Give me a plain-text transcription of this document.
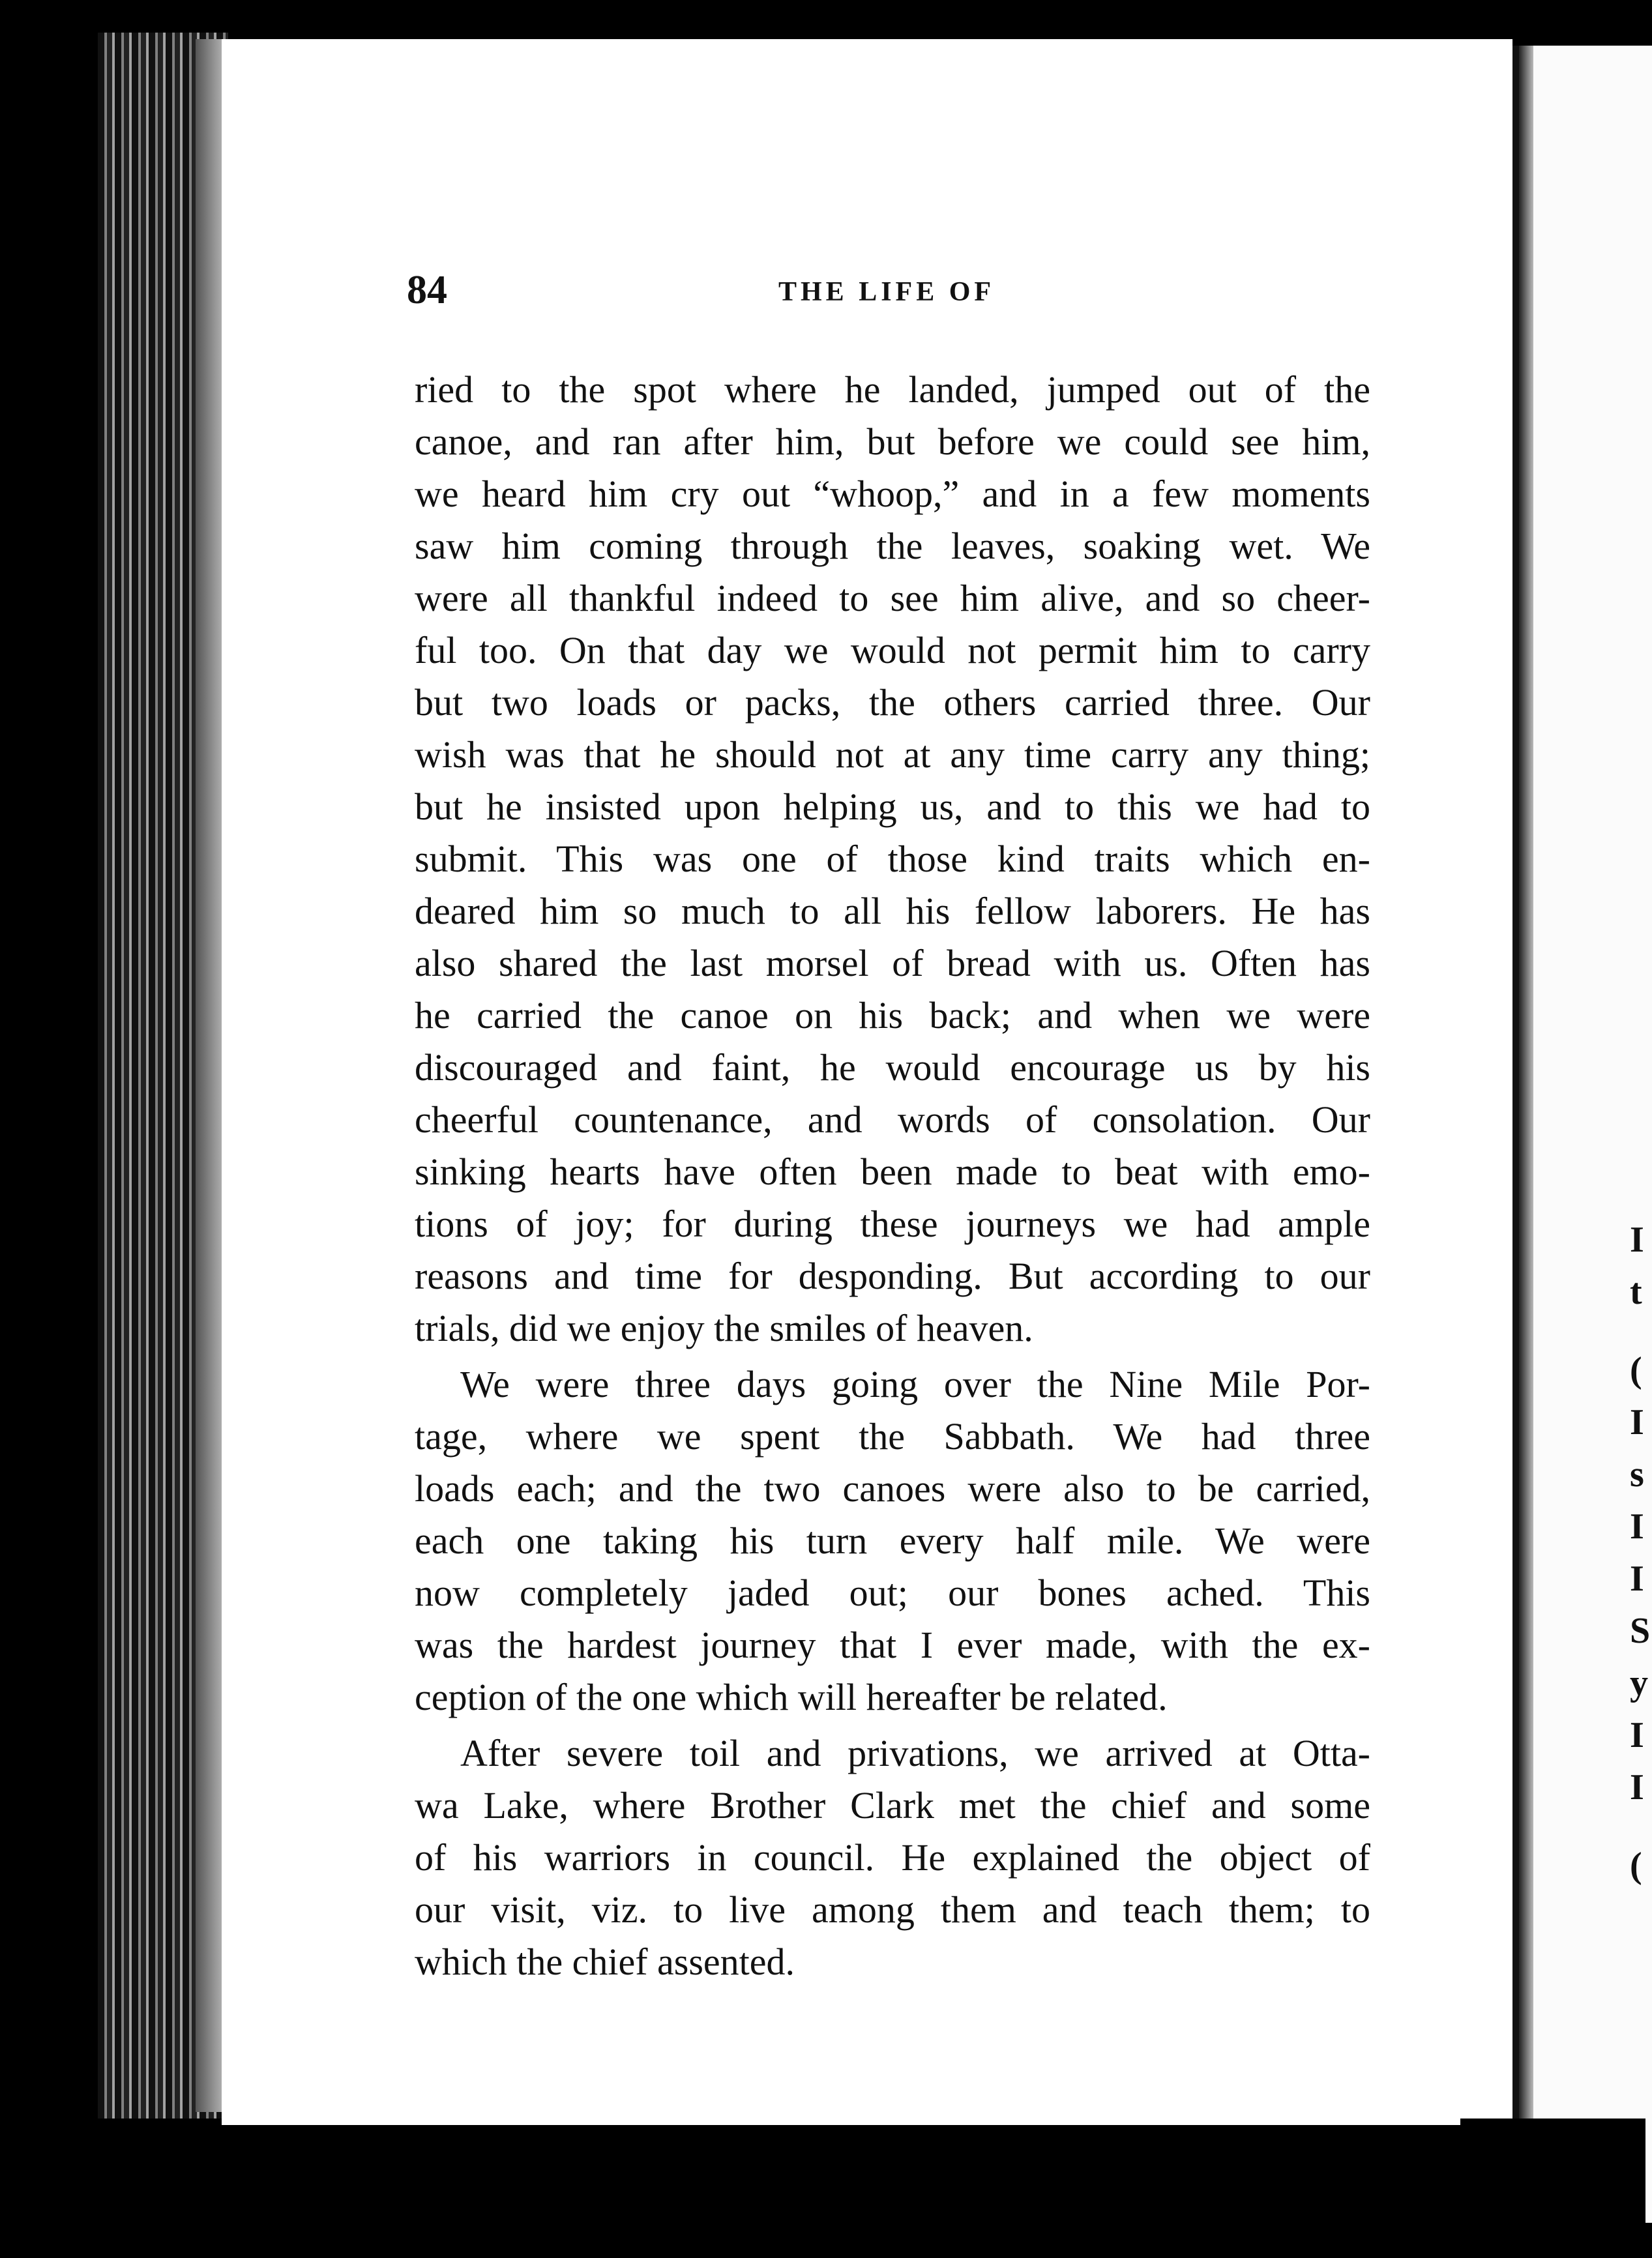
I
t
(
I
s
I
I
S
y
I
I
(
84	THE LIFE OF
ried to the spot where he landed, jumped out of the
canoe, and ran after him, but before we could see him,
we heard him cry out “whoop,” and in a few moments
saw him coming through the leaves, soaking wet. We
were all thankful indeed to see him alive, and so cheer-
ful too. On that day we would not permit him to carry
but two loads or packs, the others carried three. Our
wish was that he should not at any time carry any thing;
but he insisted upon helping us, and to this we had to
submit. This was one of those kind traits which en-
deared him so much to all his fellow laborers. He has
also shared the last morsel of bread with us. Often has
he carried the canoe on his back; and when we were
discouraged and faint, he would encourage us by his
cheerful countenance, and words of consolation. Our
sinking hearts have often been made to beat with emo-
tions of joy; for during these journeys we had ample
reasons and time for desponding. But according to our
trials, did we enjoy the smiles of heaven.
We were three days going over the Nine Mile Por-
tage, where we spent the Sabbath. We had three
loads each; and the two canoes were also to be carried,
each one taking his turn every half mile. We were
now completely jaded out; our bones ached. This
was the hardest journey that I ever made, with the ex-
ception of the one which will hereafter be related.
After severe toil and privations, we arrived at Otta-
wa Lake, where Brother Clark met the chief and some
of his warriors in council. He explained the object of
our visit, viz. to live among them and teach them; to
which the chief assented.
